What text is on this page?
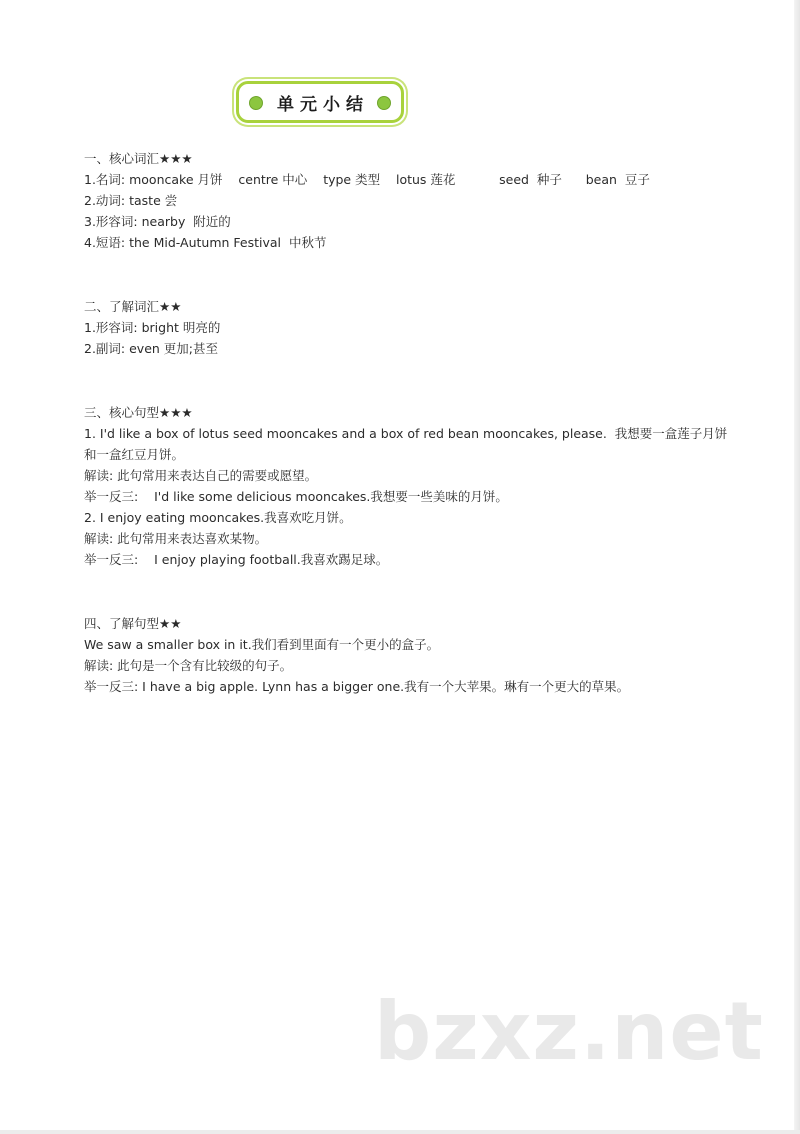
单元小结
一、核心词汇★★★
1.名词: mooncake 月饼    centre 中心    type 类型    lotus 莲花           seed  种子      bean  豆子
2.动词: taste 尝
3.形容词: nearby  附近的
4.短语: the Mid-Autumn Festival  中秋节
二、了解词汇★★
1.形容词: bright 明亮的
2.副词: even 更加;甚至
三、核心句型★★★
1. I'd like a box of lotus seed mooncakes and a box of red bean mooncakes, please.  我想要一盒莲子月饼
和一盒红豆月饼。
解读: 此句常用来表达自己的需要或愿望。
举一反三:    I'd like some delicious mooncakes.我想要一些美味的月饼。
2. I enjoy eating mooncakes.我喜欢吃月饼。
解读: 此句常用来表达喜欢某物。
举一反三:    I enjoy playing football.我喜欢踢足球。
四、了解句型★★
We saw a smaller box in it.我们看到里面有一个更小的盒子。
解读: 此句是一个含有比较级的句子。
举一反三: I have a big apple. Lynn has a bigger one.我有一个大苹果。琳有一个更大的草果。
bzxz.net
